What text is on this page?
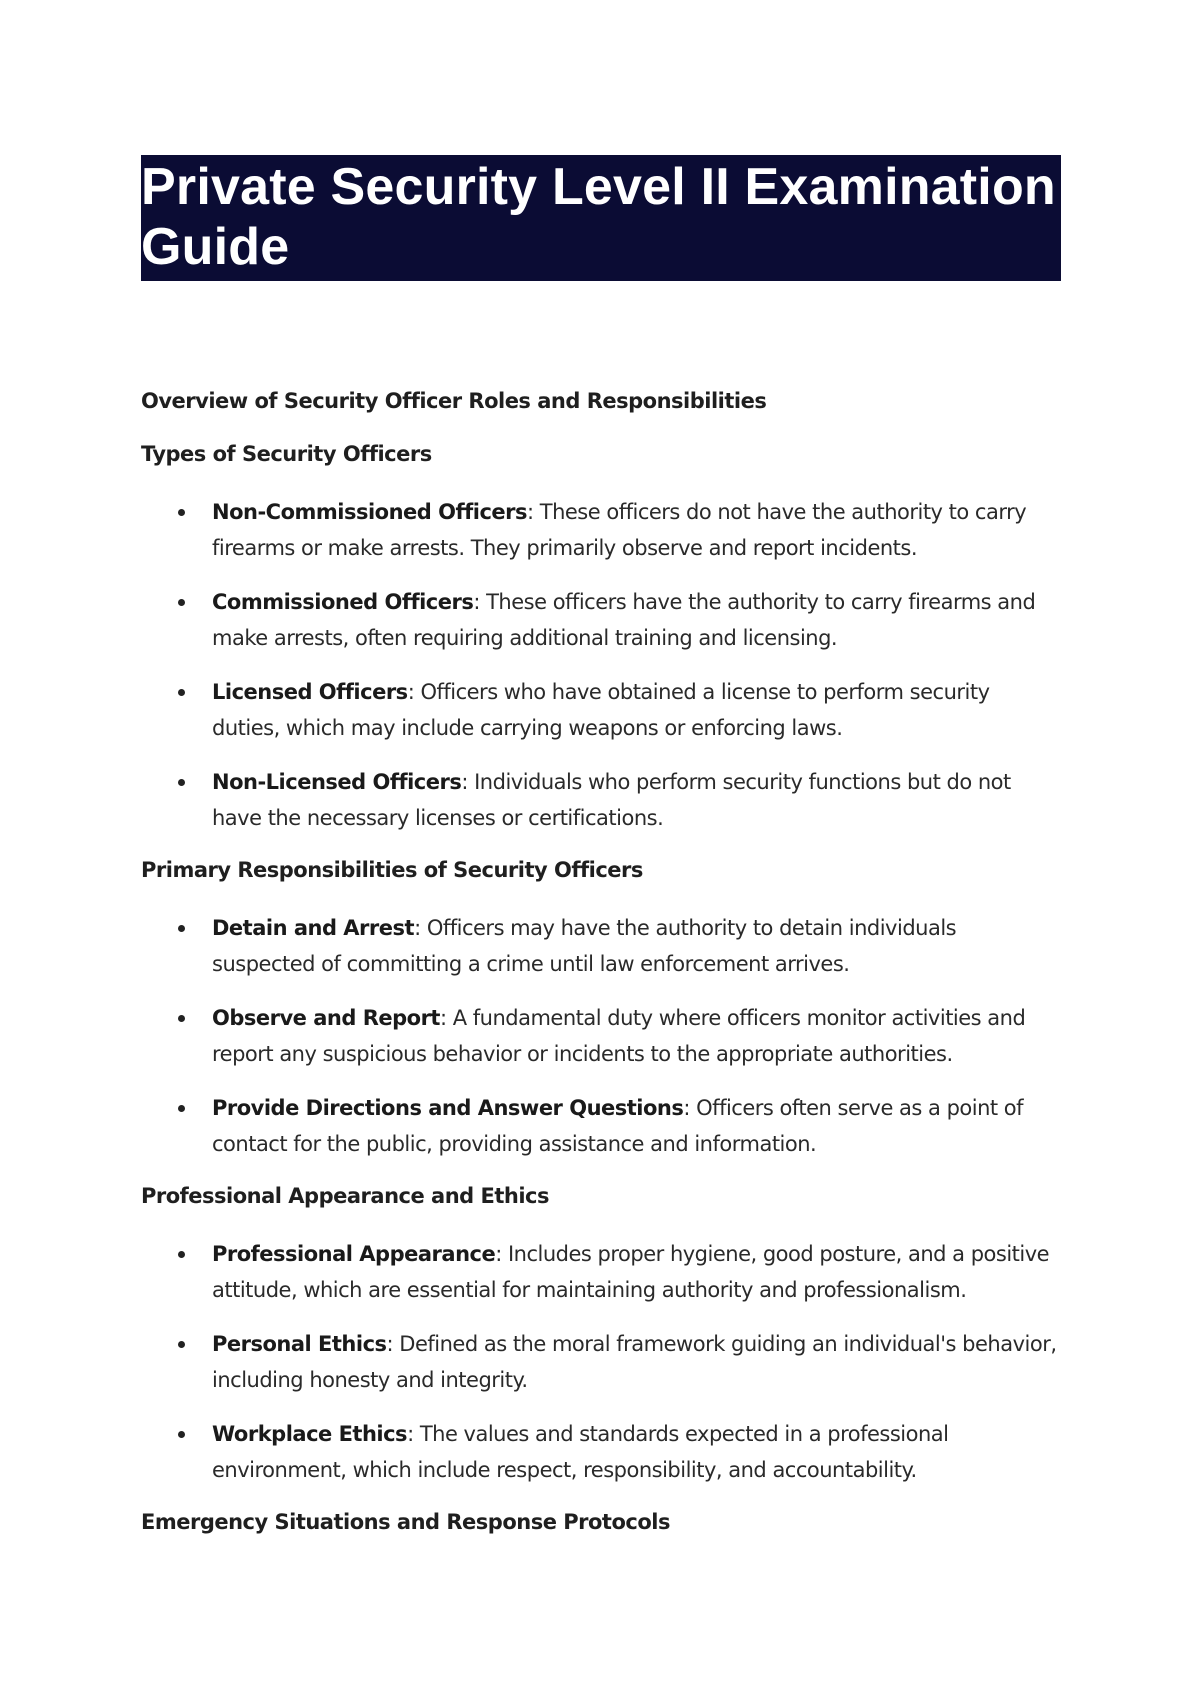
Private Security Level II Examination Guide
Overview of Security Officer Roles and Responsibilities
Types of Security Officers
Non-Commissioned Officers: These officers do not have the authority to carry firearms or make arrests. They primarily observe and report incidents.
Commissioned Officers: These officers have the authority to carry firearms and make arrests, often requiring additional training and licensing.
Licensed Officers: Officers who have obtained a license to perform security duties, which may include carrying weapons or enforcing laws.
Non-Licensed Officers: Individuals who perform security functions but do not have the necessary licenses or certifications.
Primary Responsibilities of Security Officers
Detain and Arrest: Officers may have the authority to detain individuals suspected of committing a crime until law enforcement arrives.
Observe and Report: A fundamental duty where officers monitor activities and report any suspicious behavior or incidents to the appropriate authorities.
Provide Directions and Answer Questions: Officers often serve as a point of contact for the public, providing assistance and information.
Professional Appearance and Ethics
Professional Appearance: Includes proper hygiene, good posture, and a positive attitude, which are essential for maintaining authority and professionalism.
Personal Ethics: Defined as the moral framework guiding an individual's behavior, including honesty and integrity.
Workplace Ethics: The values and standards expected in a professional environment, which include respect, responsibility, and accountability.
Emergency Situations and Response Protocols
